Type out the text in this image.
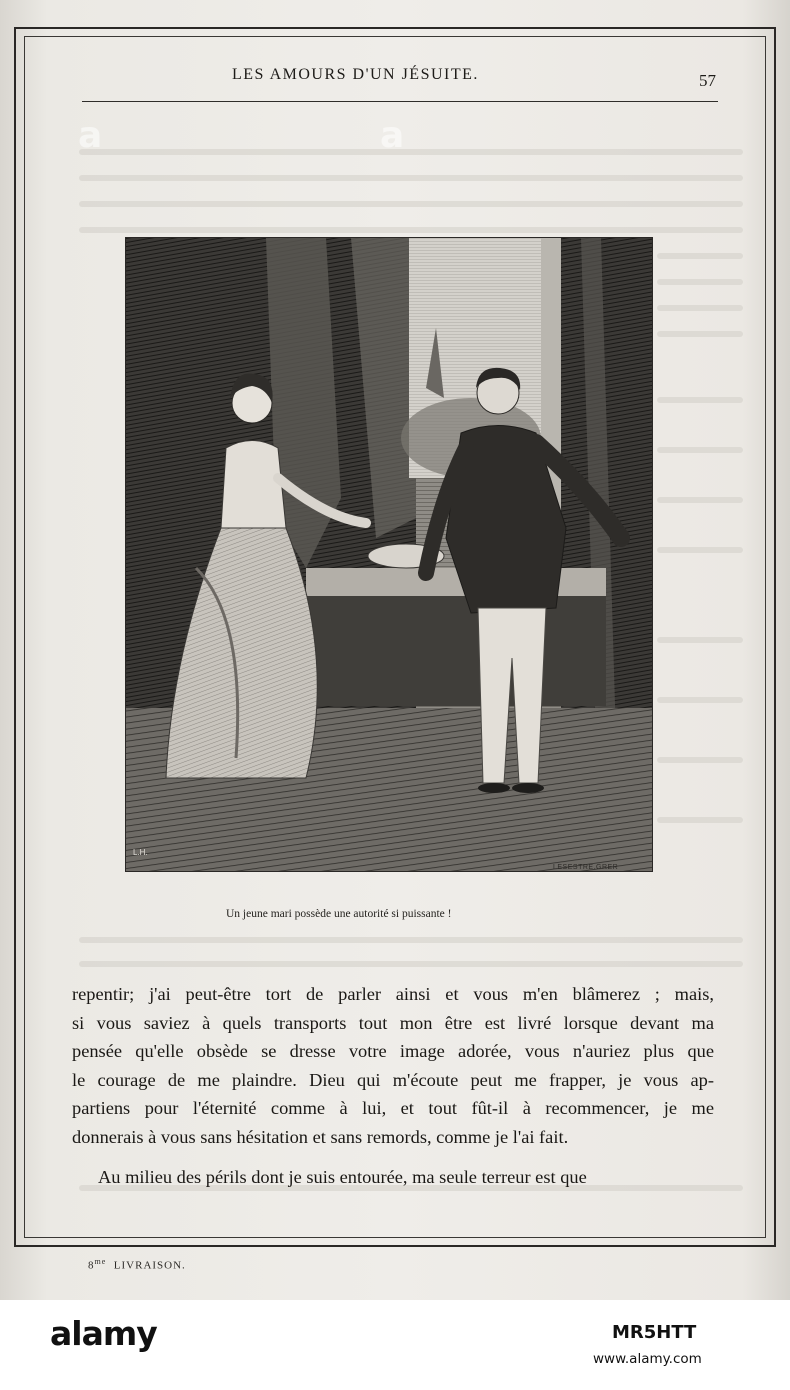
LES AMOURS D'UN JÉSUITE.	57
L.H.
LESESTRE.GRER
Un jeune mari possède une autorité si puissante !

repentir; j'ai peut-être tort de parler ainsi et vous m'en blâmerez ; mais,
si vous saviez à quels transports tout mon être est livré lorsque devant ma
pensée qu'elle obsède se dresse votre image adorée, vous n'auriez plus que
le courage de me plaindre. Dieu qui m'écoute peut me frapper, je vous ap-
partiens pour l'éternité comme à lui, et tout fût-il à recommencer, je me
donnerais à vous sans hésitation et sans remords, comme je l'ai fait.

Au milieu des périls dont je suis entourée, ma seule terreur est que

$8^{me}$ LIVRAISON.
a	a
alamy	MR5HTT
www.alamy.com
